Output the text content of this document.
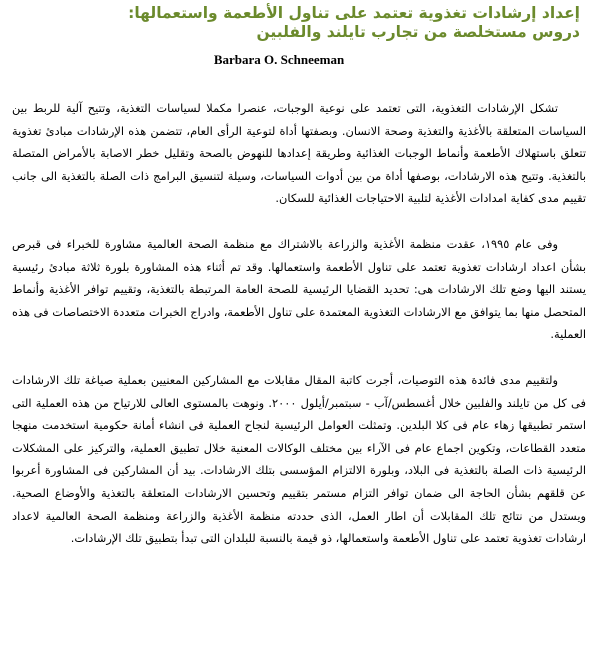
إعداد إرشادات تغذوية تعتمد على تناول الأطعمة واستعمالها:
دروس مستخلصة من تجارب تايلند والفلبين
Barbara O. Schneeman

تشكل الإرشادات التغذوية، التى تعتمد على نوعية الوجبات، عنصرا مكملا لسياسات التغذية، وتتيح آلية للربط بين السياسات المتعلقة بالأغذية والتغذية وصحة الانسان. وبصفتها أداة لتوعية الرأى العام، تتضمن هذه الإرشادات مبادئ تغذوية تتعلق باستهلاك الأطعمة وأنماط الوجبات الغذائية وطريقة إعدادها للنهوض بالصحة وتقليل خطر الاصابة بالأمراض المتصلة بالتغذية. وتتيح هذه الارشادات، بوصفها أداة من بين أدوات السياسات، وسيلة لتنسيق البرامج ذات الصلة بالتغذية الى جانب تقييم مدى كفاية امدادات الأغذية لتلبية الاحتياجات الغذائية للسكان.

وفى عام ١٩٩٥، عقدت منظمة الأغذية والزراعة بالاشتراك مع منظمة الصحة العالمية مشاورة للخبراء فى قبرص بشأن اعداد ارشادات تغذوية تعتمد على تناول الأطعمة واستعمالها. وقد تم أثناء هذه المشاورة بلورة ثلاثة مبادئ رئيسية يستند اليها وضع تلك الارشادات هى: تحديد القضايا الرئيسية للصحة العامة المرتبطة بالتغذية، وتقييم توافر الأغذية وأنماط المتحصل منها بما يتوافق مع الارشادات التغذوية المعتمدة على تناول الأطعمة، وادراج الخبرات متعددة الاختصاصات فى هذه العملية.

ولتقييم مدى فائدة هذه التوصيات، أجرت كاتبة المقال مقابلات مع المشاركين المعنيين بعملية صياغة تلك الارشادات فى كل من تايلند والفلبين خلال أغسطس/آب - سبتمبر/أيلول ٢٠٠٠. ونوهت بالمستوى العالى للارتياح من هذه العملية التى استمر تطبيقها زهاء عام فى كلا البلدين. وتمثلت العوامل الرئيسية لنجاح العملية فى انشاء أمانة حكومية استخدمت منهجا متعدد القطاعات، وتكوين اجماع عام فى الآراء بين مختلف الوكالات المعنية خلال تطبيق العملية، والتركيز على المشكلات الرئيسية ذات الصلة بالتغذية فى البلاد، وبلورة الالتزام المؤسسى بتلك الارشادات. بيد أن المشاركين فى المشاورة أعربوا عن قلقهم بشأن الحاجة الى ضمان توافر التزام مستمر بتقييم وتحسين الارشادات المتعلقة بالتغذية والأوضاع الصحية. ويستدل من نتائج تلك المقابلات أن اطار العمل، الذى حددته منظمة الأغذية والزراعة ومنظمة الصحة العالمية لاعداد ارشادات تغذوية تعتمد على تناول الأطعمة واستعمالها، ذو قيمة بالنسبة للبلدان التى تبدأ بتطبيق تلك الإرشادات.
